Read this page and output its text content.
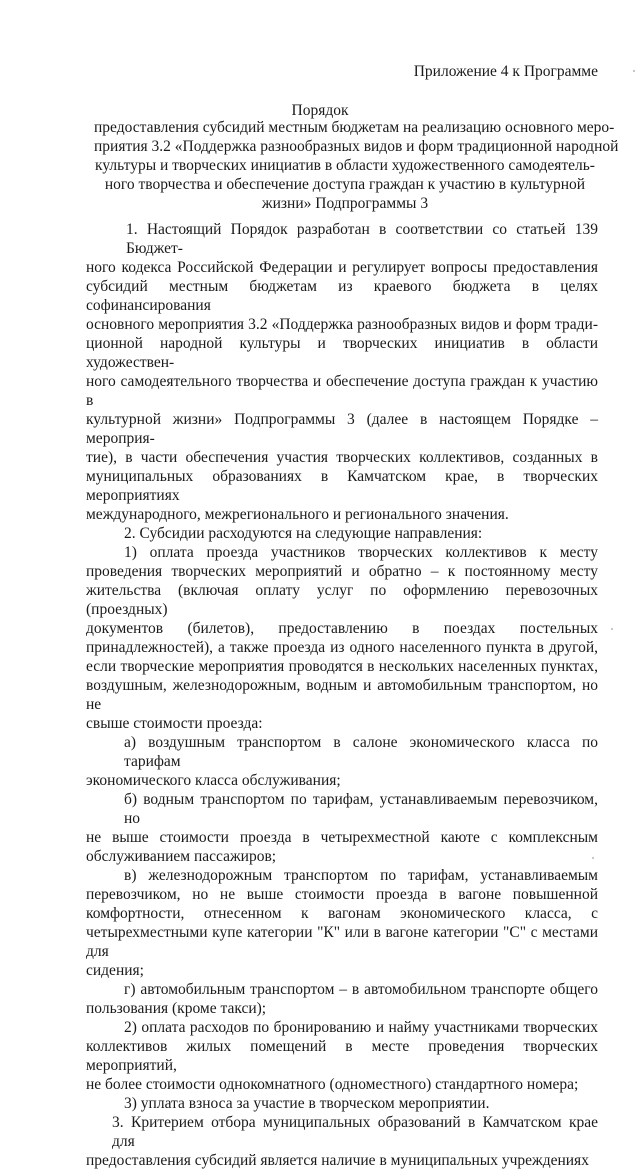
Приложение 4 к Программе
Порядок
предоставления субсидий местным бюджетам на реализацию основного меро-
приятия 3.2 «Поддержка разнообразных видов и форм традиционной народной
культуры и творческих инициатив в области художественного самодеятель-
ного творчества и обеспечение доступа граждан к участию в культурной
жизни» Подпрограммы 3
1. Настоящий Порядок разработан в соответствии со статьей 139 Бюджет-
ного кодекса Российской Федерации и регулирует вопросы предоставления
субсидий местным бюджетам из краевого бюджета в целях софинансирования
основного мероприятия 3.2 «Поддержка разнообразных видов и форм тради-
ционной народной культуры и творческих инициатив в области художествен-
ного самодеятельного творчества и обеспечение доступа граждан к участию в
культурной жизни» Подпрограммы 3 (далее в настоящем Порядке – мероприя-
тие), в части обеспечения участия творческих коллективов, созданных в
муниципальных образованиях в Камчатском крае, в творческих мероприятиях
международного, межрегионального и регионального значения.
2. Субсидии расходуются на следующие направления:
1) оплата проезда участников творческих коллективов к месту
проведения творческих мероприятий и обратно – к постоянному месту
жительства (включая оплату услуг по оформлению перевозочных (проездных)
документов (билетов), предоставлению в поездах постельных
принадлежностей), а также проезда из одного населенного пункта в другой,
если творческие мероприятия проводятся в нескольких населенных пунктах,
воздушным, железнодорожным, водным и автомобильным транспортом, но не
свыше стоимости проезда:
а) воздушным транспортом в салоне экономического класса по тарифам
экономического класса обслуживания;
б) водным транспортом по тарифам, устанавливаемым перевозчиком, но
не выше стоимости проезда в четырехместной каюте с комплексным
обслуживанием пассажиров;
в) железнодорожным транспортом по тарифам, устанавливаемым
перевозчиком, но не выше стоимости проезда в вагоне повышенной
комфортности, отнесенном к вагонам экономического класса, с
четырехместными купе категории "К" или в вагоне категории "С" с местами для
сидения;
г) автомобильным транспортом – в автомобильном транспорте общего
пользования (кроме такси);
2) оплата расходов по бронированию и найму участниками творческих
коллективов жилых помещений в месте проведения творческих мероприятий,
не более стоимости однокомнатного (одноместного) стандартного номера;
3) уплата взноса за участие в творческом мероприятии.
3. Критерием отбора муниципальных образований в Камчатском крае для
предоставления субсидий является наличие в муниципальных учреждениях
